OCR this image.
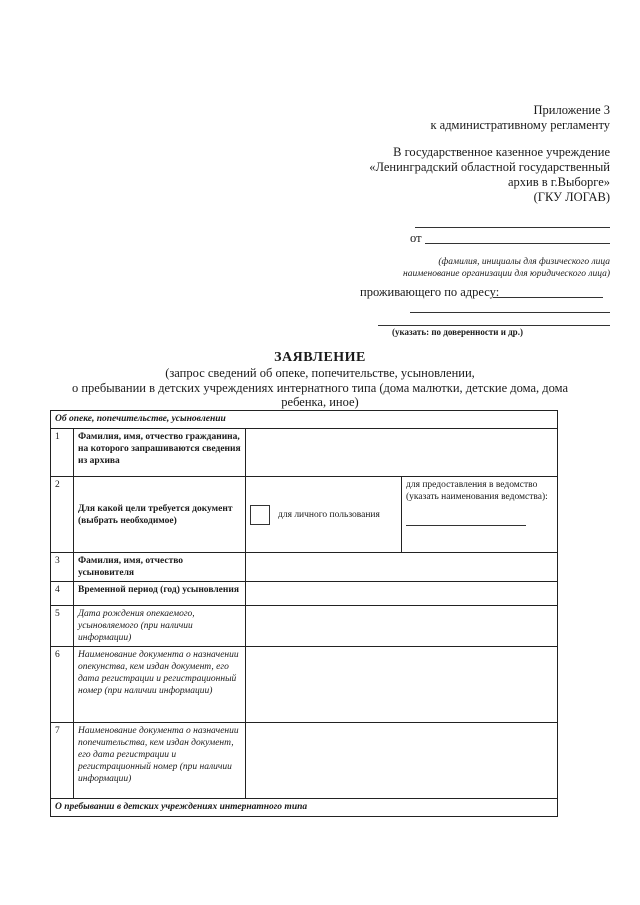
Приложение 3
к административному регламенту
В государственное казенное учреждение
«Ленинградский областной государственный
архив в г.Выборге»
(ГКУ ЛОГАВ)
от
(фамилия, инициалы для физического лица
наименование организации для юридического лица)
проживающего по адресу:
(указать: по доверенности и др.)
ЗАЯВЛЕНИЕ
(запрос сведений об опеке, попечительстве, усыновлении,
о пребывании в детских учреждениях интернатного типа (дома малютки, детские дома, дома
ребенка, иное)
Об опеке, попечительстве, усыновлении			
1	Фамилия, имя, отчество гражданина, на которого запрашиваются сведения из архива		
2	Для какой цели требуется документ (выбрать необходимое)	для личного пользования	для предоставления в ведомство (указать наименования ведомства):

3	Фамилия, имя, отчество усыновителя		
4	Временной период (год) усыновления		
5	Дата рождения опекаемого, усыновляемого (при наличии информации)		
6	Наименование документа о назначении опекунства, кем издан документ, его дата регистрации и регистрационный номер (при наличии информации)		
7	Наименование документа о назначении попечительства, кем издан документ, его дата регистрации и регистрационный номер (при наличии информации)		
О пребывании в детских учреждениях интернатного типа			
